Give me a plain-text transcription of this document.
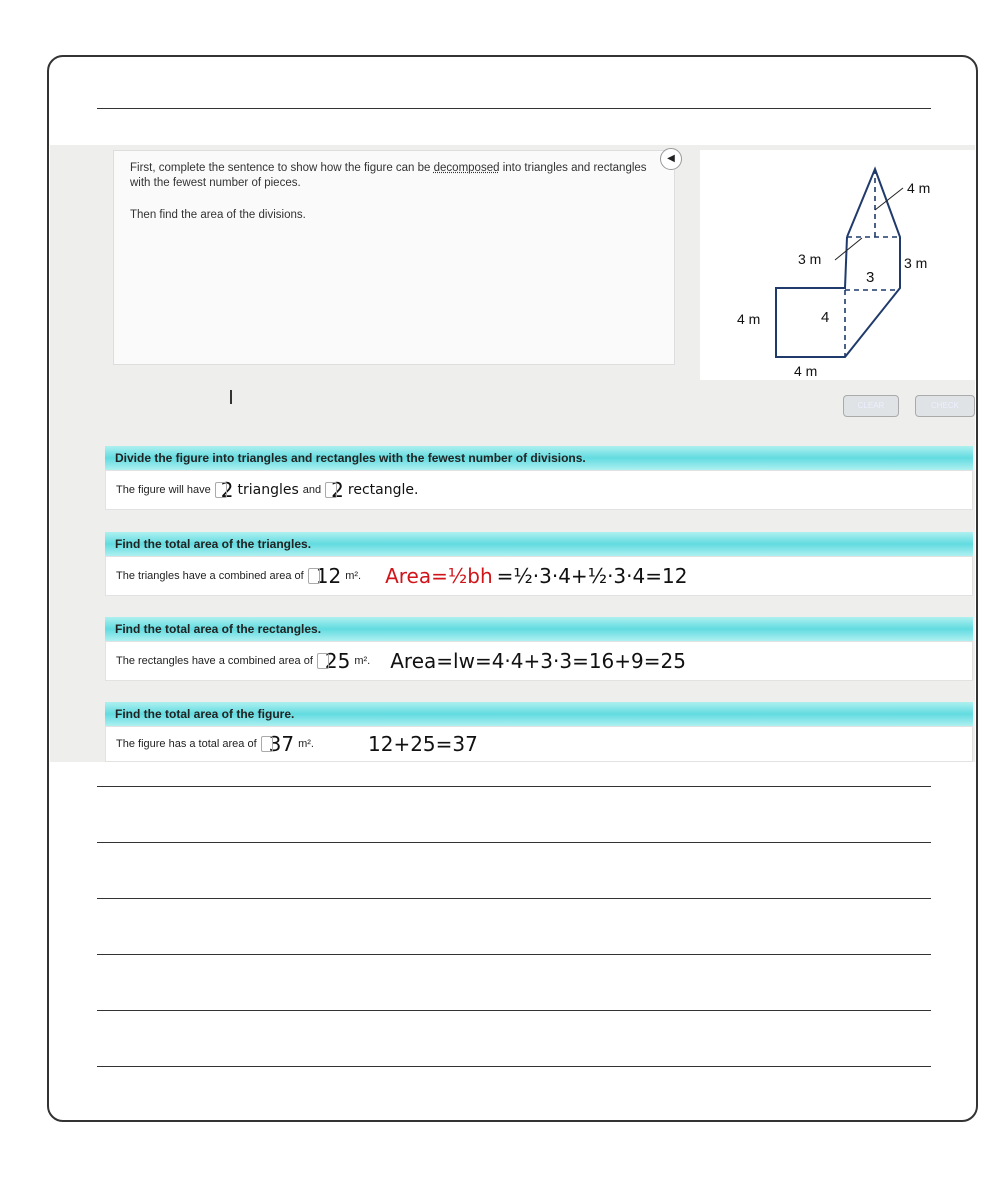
First, complete the sentence to show how the figure can be decomposed into triangles and rectangles with the fewest number of pieces.

Then find the area of the divisions.

◀
4 m
3 m	3 m
4 m
4 m
3
4
CLEAR	CHECK
Divide the figure into triangles and rectangles with the fewest number of divisions.
The figure will have 2 triangles and 2 rectangle.
Find the total area of the triangles.
The triangles have a combined area of 12 m². Area=½bh =½·3·4+½·3·4=12
Find the total area of the rectangles.
The rectangles have a combined area of 25 m². Area=lw=4·4+3·3=16+9=25
Find the total area of the figure.
The figure has a total area of 37 m².	12+25=37
